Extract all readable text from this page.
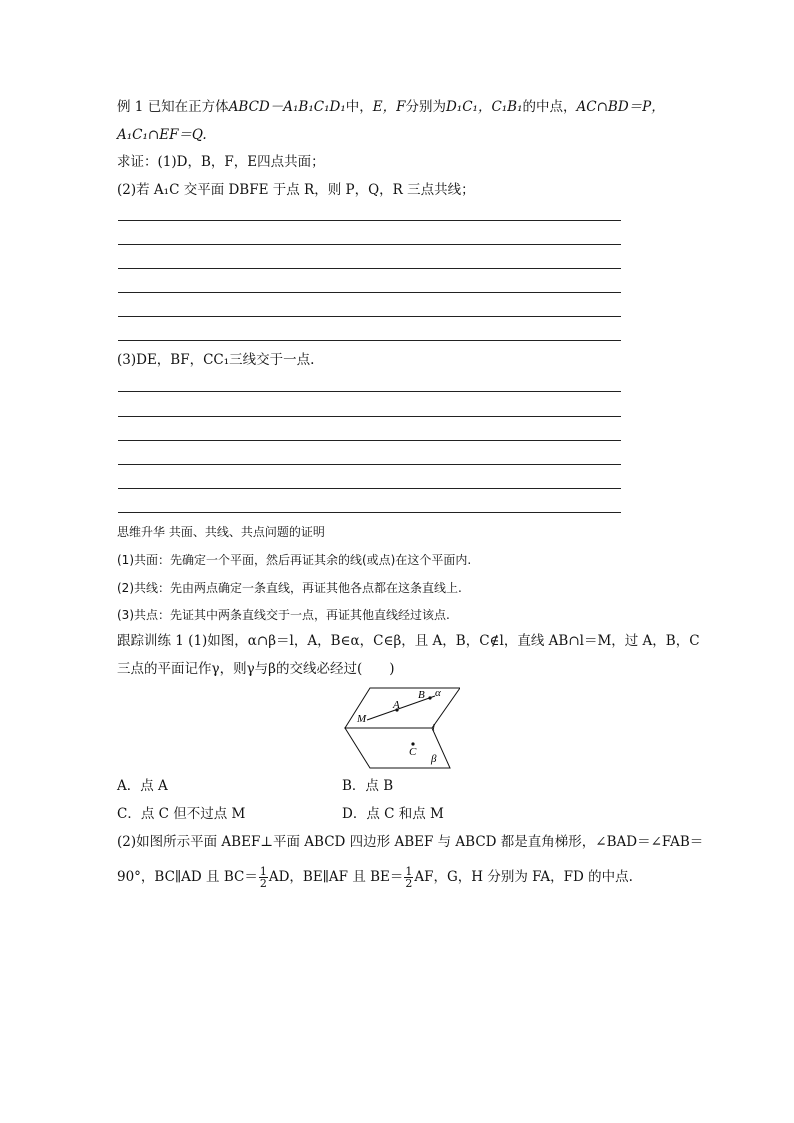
例 1 已知在正方体ABCD－A₁B₁C₁D₁中，E，F分别为D₁C₁，C₁B₁的中点，AC∩BD＝P，
A₁C₁∩EF＝Q.
求证：(1)D，B，F，E四点共面；
(2)若 A₁C 交平面 DBFE 于点 R，则 P，Q，R 三点共线；
(3)DE，BF，CC₁三线交于一点.
思维升华 共面、共线、共点问题的证明
(1)共面：先确定一个平面，然后再证其余的线(或点)在这个平面内.
(2)共线：先由两点确定一条直线，再证其他各点都在这条直线上.
(3)共点：先证其中两条直线交于一点，再证其他直线经过该点.
跟踪训练 1 (1)如图，α∩β＝l，A，B∈α，C∈β，且 A，B，C∉l，直线 AB∩l＝M，过 A，B，C
三点的平面记作γ，则γ与β的交线必经过(　　)
M
A
B α
l
C
β
A．点 A	B．点 B
C．点 C 但不过点 M	D．点 C 和点 M
(2)如图所示平面 ABEF⊥平面 ABCD 四边形 ABEF 与 ABCD 都是直角梯形，∠BAD＝∠FAB＝
90°，BC∥AD 且 $BC= \frac{1}{2}$ AD，BE∥AF 且 $BE= \frac{1}{2}$ AF，G，H 分别为 FA，FD 的中点.
